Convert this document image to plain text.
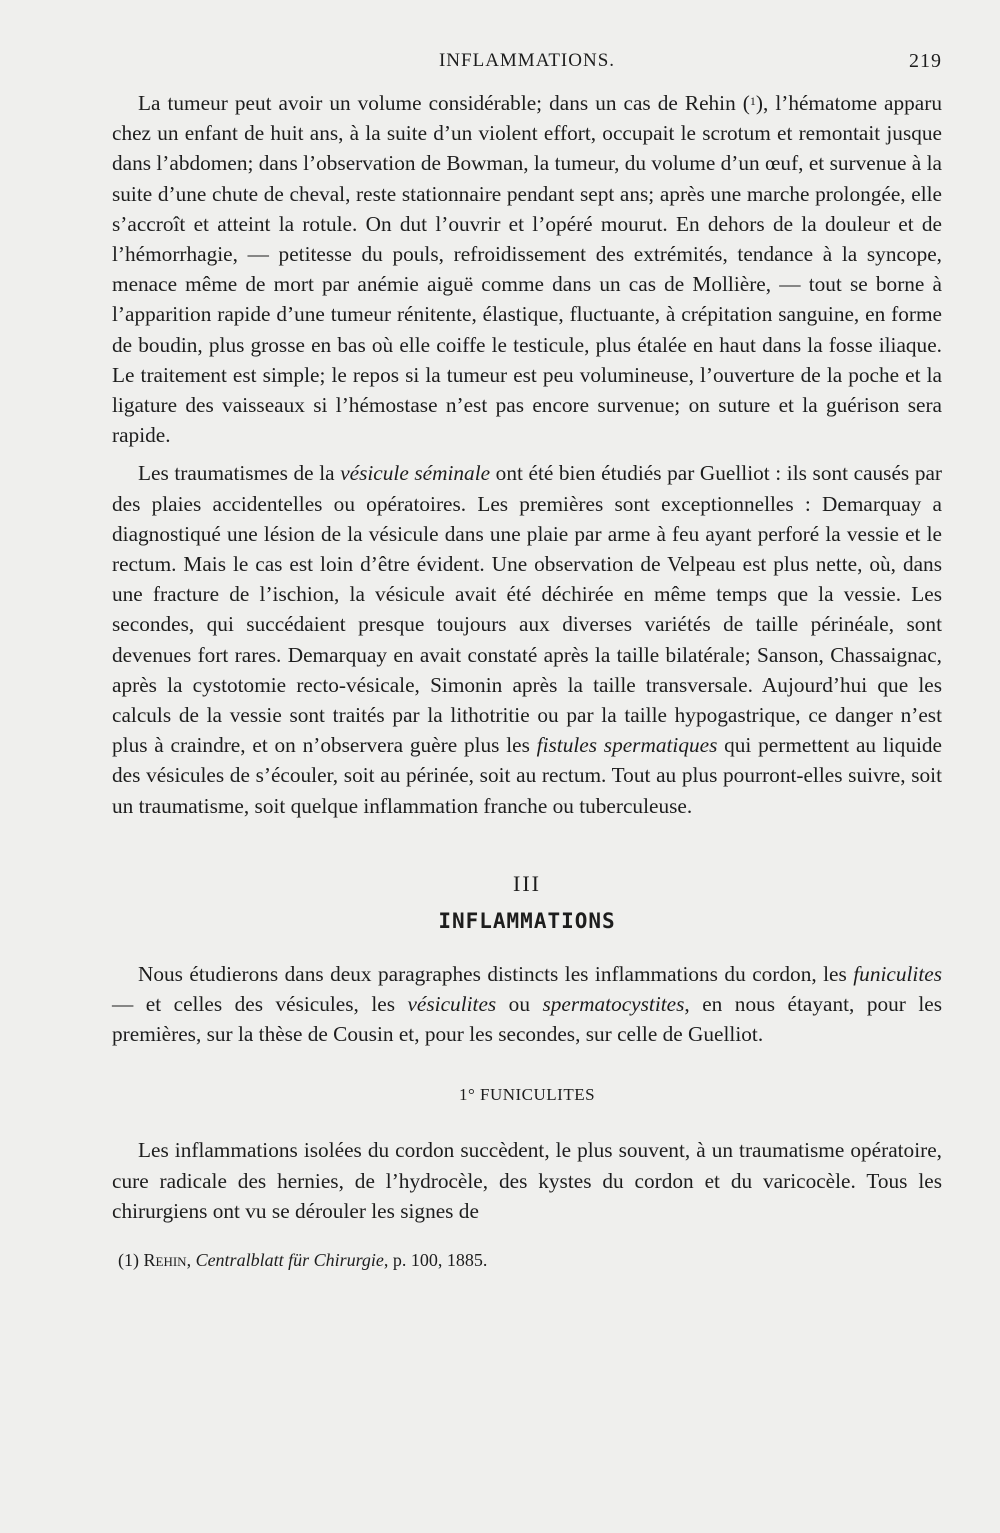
INFLAMMATIONS.	219

La tumeur peut avoir un volume considérable; dans un cas de Rehin ($^1$), l’hématome apparu chez un enfant de huit ans, à la suite d’un violent effort, occupait le scrotum et remontait jusque dans l’abdomen; dans l’observation de Bowman, la tumeur, du volume d’un œuf, et survenue à la suite d’une chute de cheval, reste stationnaire pendant sept ans; après une marche prolongée, elle s’accroît et atteint la rotule. On dut l’ouvrir et l’opéré mourut. En dehors de la douleur et de l’hémorrhagie, — petitesse du pouls, refroidissement des extrémités, tendance à la syncope, menace même de mort par anémie aiguë comme dans un cas de Mollière, — tout se borne à l’apparition rapide d’une tumeur rénitente, élastique, fluctuante, à crépitation sanguine, en forme de boudin, plus grosse en bas où elle coiffe le testicule, plus étalée en haut dans la fosse iliaque. Le traitement est simple; le repos si la tumeur est peu volumineuse, l’ouverture de la poche et la ligature des vaisseaux si l’hémostase n’est pas encore survenue; on suture et la guérison sera rapide.

Les traumatismes de la vésicule séminale ont été bien étudiés par Guelliot : ils sont causés par des plaies accidentelles ou opératoires. Les premières sont exceptionnelles : Demarquay a diagnostiqué une lésion de la vésicule dans une plaie par arme à feu ayant perforé la vessie et le rectum. Mais le cas est loin d’être évident. Une observation de Velpeau est plus nette, où, dans une fracture de l’ischion, la vésicule avait été déchirée en même temps que la vessie. Les secondes, qui succédaient presque toujours aux diverses variétés de taille périnéale, sont devenues fort rares. Demarquay en avait constaté après la taille bilatérale; Sanson, Chassaignac, après la cystotomie recto-vésicale, Simonin après la taille transversale. Aujourd’hui que les calculs de la vessie sont traités par la lithotritie ou par la taille hypogastrique, ce danger n’est plus à craindre, et on n’observera guère plus les fistules spermatiques qui permettent au liquide des vésicules de s’écouler, soit au périnée, soit au rectum. Tout au plus pourront-elles suivre, soit un traumatisme, soit quelque inflammation franche ou tuberculeuse.

III
INFLAMMATIONS

Nous étudierons dans deux paragraphes distincts les inflammations du cordon, les funiculites — et celles des vésicules, les vésiculites ou spermatocystites, en nous étayant, pour les premières, sur la thèse de Cousin et, pour les secondes, sur celle de Guelliot.

1° FUNICULITES

Les inflammations isolées du cordon succèdent, le plus souvent, à un traumatisme opératoire, cure radicale des hernies, de l’hydrocèle, des kystes du cordon et du varicocèle. Tous les chirurgiens ont vu se dérouler les signes de

(1) Rehin, Centralblatt für Chirurgie, p. 100, 1885.
